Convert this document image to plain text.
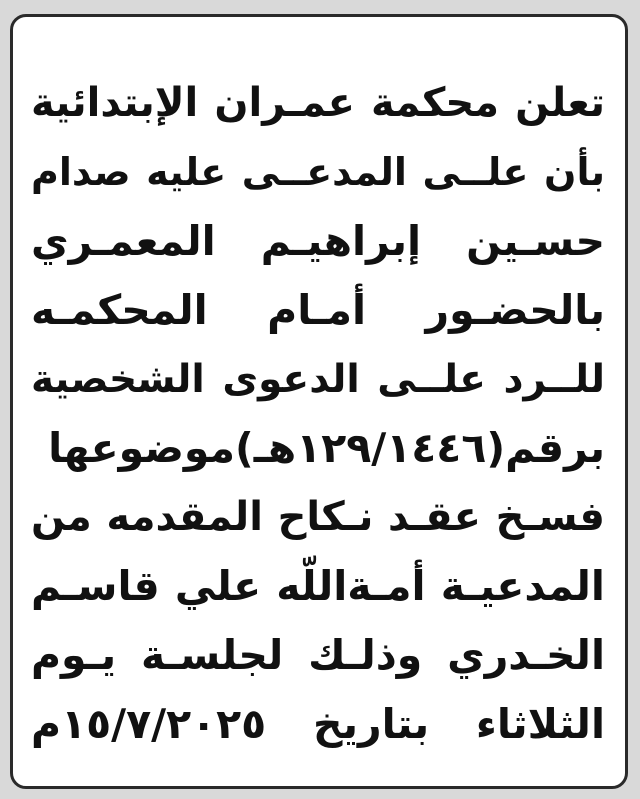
تعلن محكمة عمـران الإبتدائية
بأن علــى المدعــى عليه صدام
حسـين إبراهيـم المعمـري
بالحضـور أمـام المحكمـه
للــرد علــى الدعوى الشخصية
برقم(١٢٩/١٤٤٦هـ)موضوعها
فسـخ عقـد نـكاح المقدمه من
المدعيـة أمـةاللّه علي قاسـم
الخـدري وذلـك لجلسـة يـوم
الثلاثاء بتاريخ ١٥/٧/٢٠٢٥م
